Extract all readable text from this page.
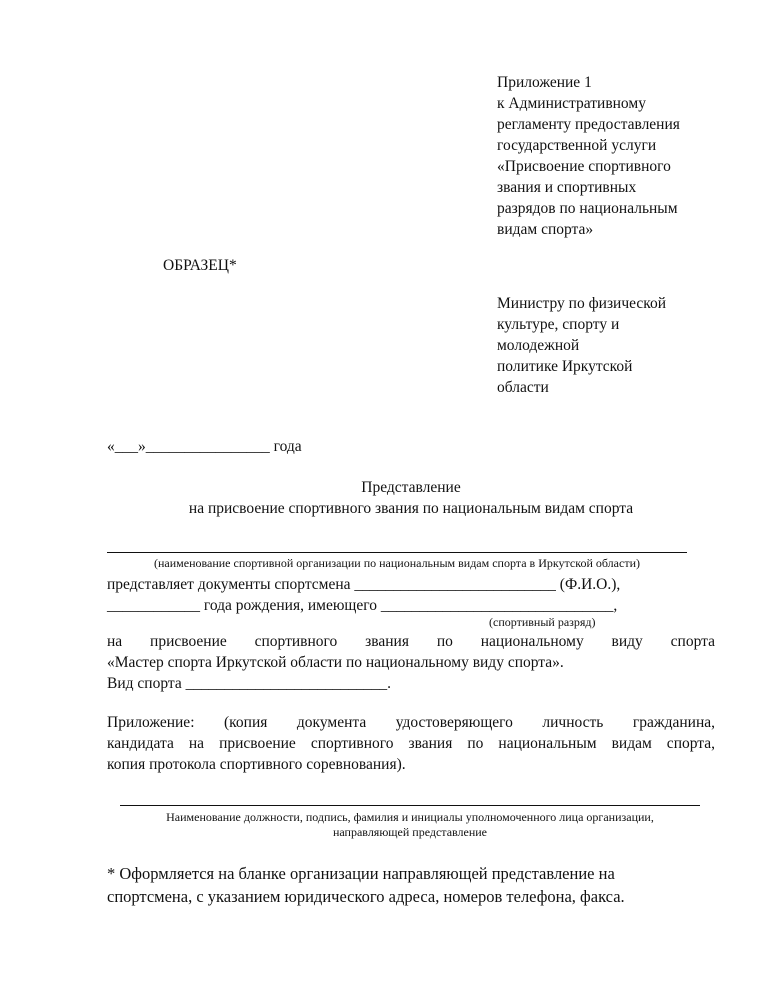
Приложение 1
к Административному
регламенту предоставления
государственной услуги
«Присвоение спортивного
звания и спортивных
разрядов по национальным
видам спорта»
ОБРАЗЕЦ*
Министру по физической
культуре, спорту и
молодежной
политике Иркутской
области
«___»________________ года
Представление
на присвоение спортивного звания по национальным видам спорта
(наименование спортивной организации по национальным видам спорта в Иркутской области)
представляет документы спортсмена __________________________ (Ф.И.О.),
____________ года рождения, имеющего ______________________________,
(спортивный разряд)
на присвоение спортивного звания по национальному виду спорта
«Мастер спорта Иркутской области по национальному виду спорта».
Вид спорта __________________________.
Приложение: (копия документа удостоверяющего личность гражданина,
кандидата на присвоение спортивного звания по национальным видам спорта,
копия протокола спортивного соревнования).
Наименование должности, подпись, фамилия и инициалы уполномоченного лица организации,
направляющей представление
* Оформляется на бланке организации направляющей представление на
спортсмена, с указанием юридического адреса, номеров телефона, факса.
